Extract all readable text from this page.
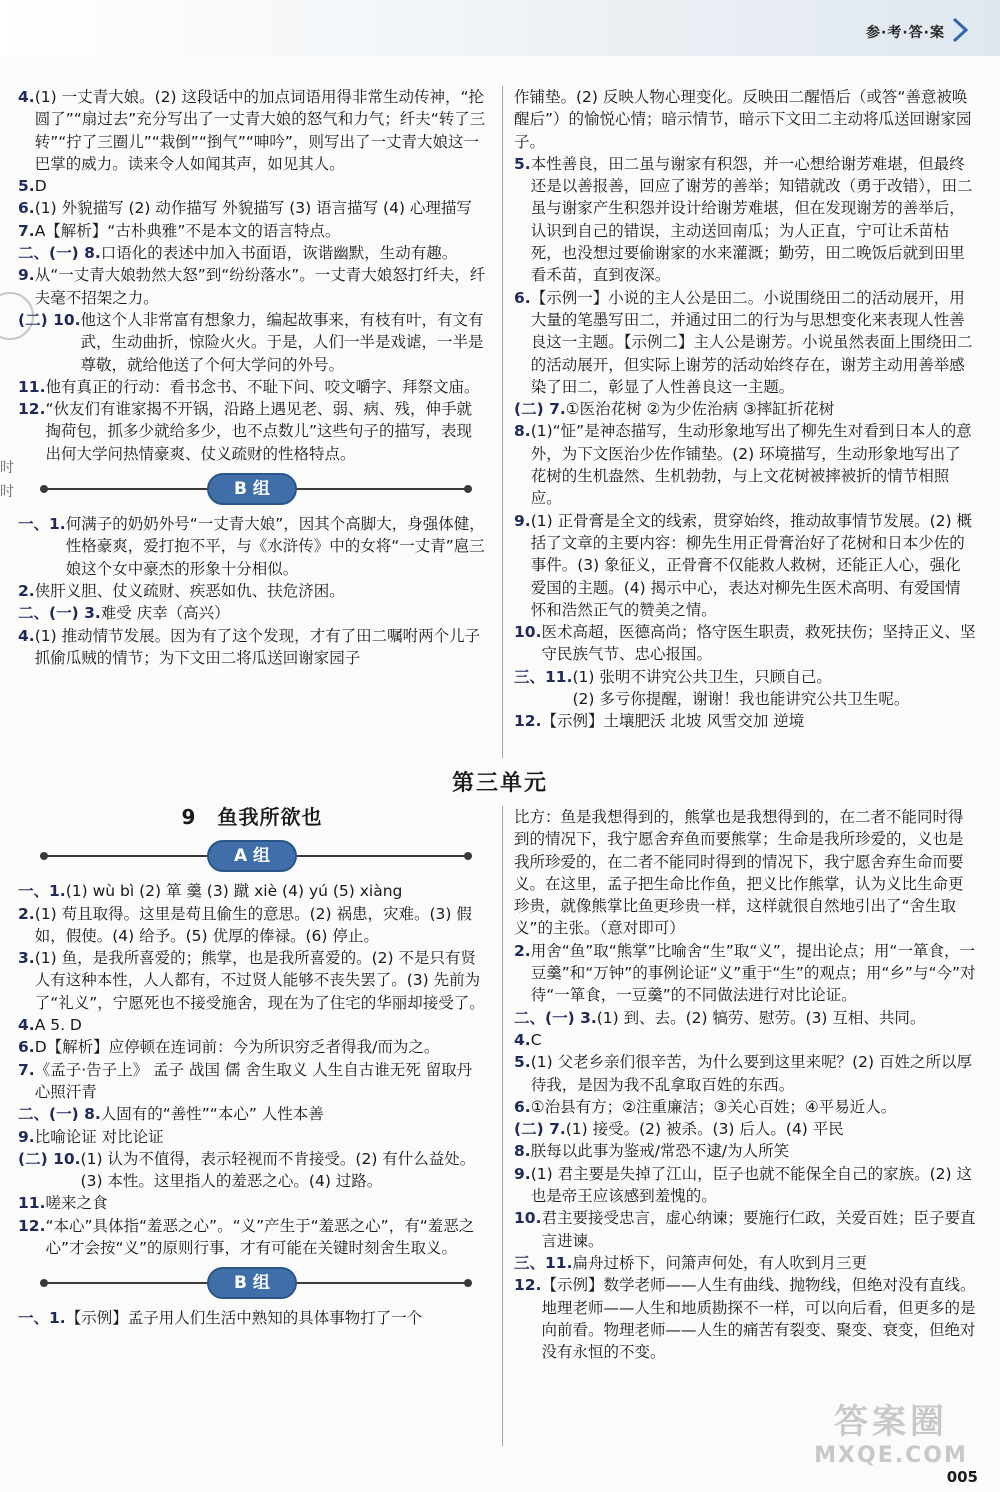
参·考·答·案
时
时
4. (1) 一丈青大娘。(2) 这段话中的加点词语用得非常生动传神，“抡圆了”“扇过去”充分写出了一丈青大娘的怒气和力气；纤夫“转了三转”“拧了三圈儿”“栽倒”“捯气”“呻吟”，则写出了一丈青大娘这一巴掌的威力。读来令人如闻其声，如见其人。
5. D
6. (1) 外貌描写 (2) 动作描写 外貌描写 (3) 语言描写 (4) 心理描写
7. A【解析】“古朴典雅”不是本文的语言特点。
二、(一) 8. 口语化的表述中加入书面语，诙谐幽默，生动有趣。
9. 从“一丈青大娘勃然大怒”到“纷纷落水”。一丈青大娘怒打纤夫，纤夫毫不招架之力。
(二) 10. 他这个人非常富有想象力，编起故事来，有枝有叶，有文有武，生动曲折，惊险火火。于是，人们一半是戏谑，一半是尊敬，就给他送了个何大学问的外号。
11. 他有真正的行动：看书念书、不耻下问、咬文嚼字、拜祭文庙。
12. “伙友们有谁家揭不开锅，沿路上遇见老、弱、病、残，伸手就掏荷包，抓多少就给多少，也不点数儿”这些句子的描写，表现出何大学问热情豪爽、仗义疏财的性格特点。
B 组
一、1. 何满子的奶奶外号“一丈青大娘”，因其个高脚大，身强体健，性格豪爽，爱打抱不平，与《水浒传》中的女将“一丈青”扈三娘这个女中豪杰的形象十分相似。
2. 侠肝义胆、仗义疏财、疾恶如仇、扶危济困。
二、(一) 3. 难受 庆幸（高兴）
4. (1) 推动情节发展。因为有了这个发现，才有了田二嘱咐两个儿子抓偷瓜贼的情节；为下文田二将瓜送回谢家园子
作铺垫。(2) 反映人物心理变化。反映田二醒悟后（或答“善意被唤醒后”）的愉悦心情；暗示情节，暗示下文田二主动将瓜送回谢家园子。
5. 本性善良，田二虽与谢家有积怨，并一心想给谢芳难堪，但最终还是以善报善，回应了谢芳的善举；知错就改（勇于改错），田二虽与谢家产生积怨并设计给谢芳难堪，但在发现谢芳的善举后，认识到自己的错误，主动送回南瓜；为人正直，宁可让禾苗枯死，也没想过要偷谢家的水来灌溉；勤劳，田二晚饭后就到田里看禾苗，直到夜深。
6. 【示例一】小说的主人公是田二。小说围绕田二的活动展开，用大量的笔墨写田二，并通过田二的行为与思想变化来表现人性善良这一主题。【示例二】主人公是谢芳。小说虽然表面上围绕田二的活动展开，但实际上谢芳的活动始终存在，谢芳主动用善举感染了田二，彰显了人性善良这一主题。
(二) 7. ①医治花树 ②为少佐治病 ③摔缸折花树
8. (1)“怔”是神态描写，生动形象地写出了柳先生对看到日本人的意外，为下文医治少佐作铺垫。(2) 环境描写，生动形象地写出了花树的生机盎然、生机勃勃，与上文花树被摔被折的情节相照应。
9. (1) 正骨膏是全文的线索，贯穿始终，推动故事情节发展。(2) 概括了文章的主要内容：柳先生用正骨膏治好了花树和日本少佐的事件。(3) 象征义，正骨膏不仅能救人救树，还能正人心，强化爱国的主题。(4) 揭示中心，表达对柳先生医术高明、有爱国情怀和浩然正气的赞美之情。
10. 医术高超，医德高尚；恪守医生职责，救死扶伤；坚持正义、坚守民族气节、忠心报国。
三、11. (1) 张明不讲究公共卫生，只顾自己。
(2) 多亏你提醒，谢谢！我也能讲究公共卫生呢。
12. 【示例】土壤肥沃 北坡 风雪交加 逆境
第三单元
9　鱼我所欲也
A 组
一、1. (1) wù bì (2) 箪 羹 (3) 蹴 xiè (4) yú (5) xiàng
2. (1) 苟且取得。这里是苟且偷生的意思。(2) 祸患，灾难。(3) 假如，假使。(4) 给予。(5) 优厚的俸禄。(6) 停止。
3. (1) 鱼，是我所喜爱的；熊掌，也是我所喜爱的。(2) 不是只有贤人有这种本性，人人都有，不过贤人能够不丧失罢了。(3) 先前为了“礼义”，宁愿死也不接受施舍，现在为了住宅的华丽却接受了。
4. A 5. D
6. D【解析】应停顿在连词前：今为所识穷乏者得我/而为之。
7. 《孟子·告子上》 孟子 战国 儒 舍生取义 人生自古谁无死 留取丹心照汗青
二、(一) 8. 人固有的“善性”“本心” 人性本善
9. 比喻论证 对比论证
(二) 10. (1) 认为不值得，表示轻视而不肯接受。(2) 有什么益处。(3) 本性。这里指人的羞恶之心。(4) 过路。
11. 嗟来之食
12. “本心”具体指“羞恶之心”。“义”产生于“羞恶之心”，有“羞恶之心”才会按“义”的原则行事，才有可能在关键时刻舍生取义。
B 组
一、1. 【示例】孟子用人们生活中熟知的具体事物打了一个
比方：鱼是我想得到的，熊掌也是我想得到的，在二者不能同时得到的情况下，我宁愿舍弃鱼而要熊掌；生命是我所珍爱的，义也是我所珍爱的，在二者不能同时得到的情况下，我宁愿舍弃生命而要义。在这里，孟子把生命比作鱼，把义比作熊掌，认为义比生命更珍贵，就像熊掌比鱼更珍贵一样，这样就很自然地引出了“舍生取义”的主张。（意对即可）
2. 用舍“鱼”取“熊掌”比喻舍“生”取“义”，提出论点；用“一箪食，一豆羹”和“万钟”的事例论证“义”重于“生”的观点；用“乡”与“今”对待“一箪食，一豆羹”的不同做法进行对比论证。
二、(一) 3. (1) 到、去。(2) 犒劳、慰劳。(3) 互相、共同。
4. C
5. (1) 父老乡亲们很辛苦，为什么要到这里来呢？(2) 百姓之所以厚待我，是因为我不乱拿取百姓的东西。
6. ①治县有方；②注重廉洁；③关心百姓；④平易近人。
(二) 7. (1) 接受。(2) 被杀。(3) 后人。(4) 平民
8. 朕每以此事为鉴戒/常恐不逮/为人所笑
9. (1) 君主要是失掉了江山，臣子也就不能保全自己的家族。(2) 这也是帝王应该感到羞愧的。
10. 君主要接受忠言，虚心纳谏；要施行仁政，关爱百姓；臣子要直言进谏。
三、11. 扁舟过桥下，问箫声何处，有人吹到月三更
12. 【示例】数学老师——人生有曲线、抛物线，但绝对没有直线。地理老师——人生和地质勘探不一样，可以向后看，但更多的是向前看。物理老师——人生的痛苦有裂变、聚变、衰变，但绝对没有永恒的不变。
答案圈
MXQE.COM
005
